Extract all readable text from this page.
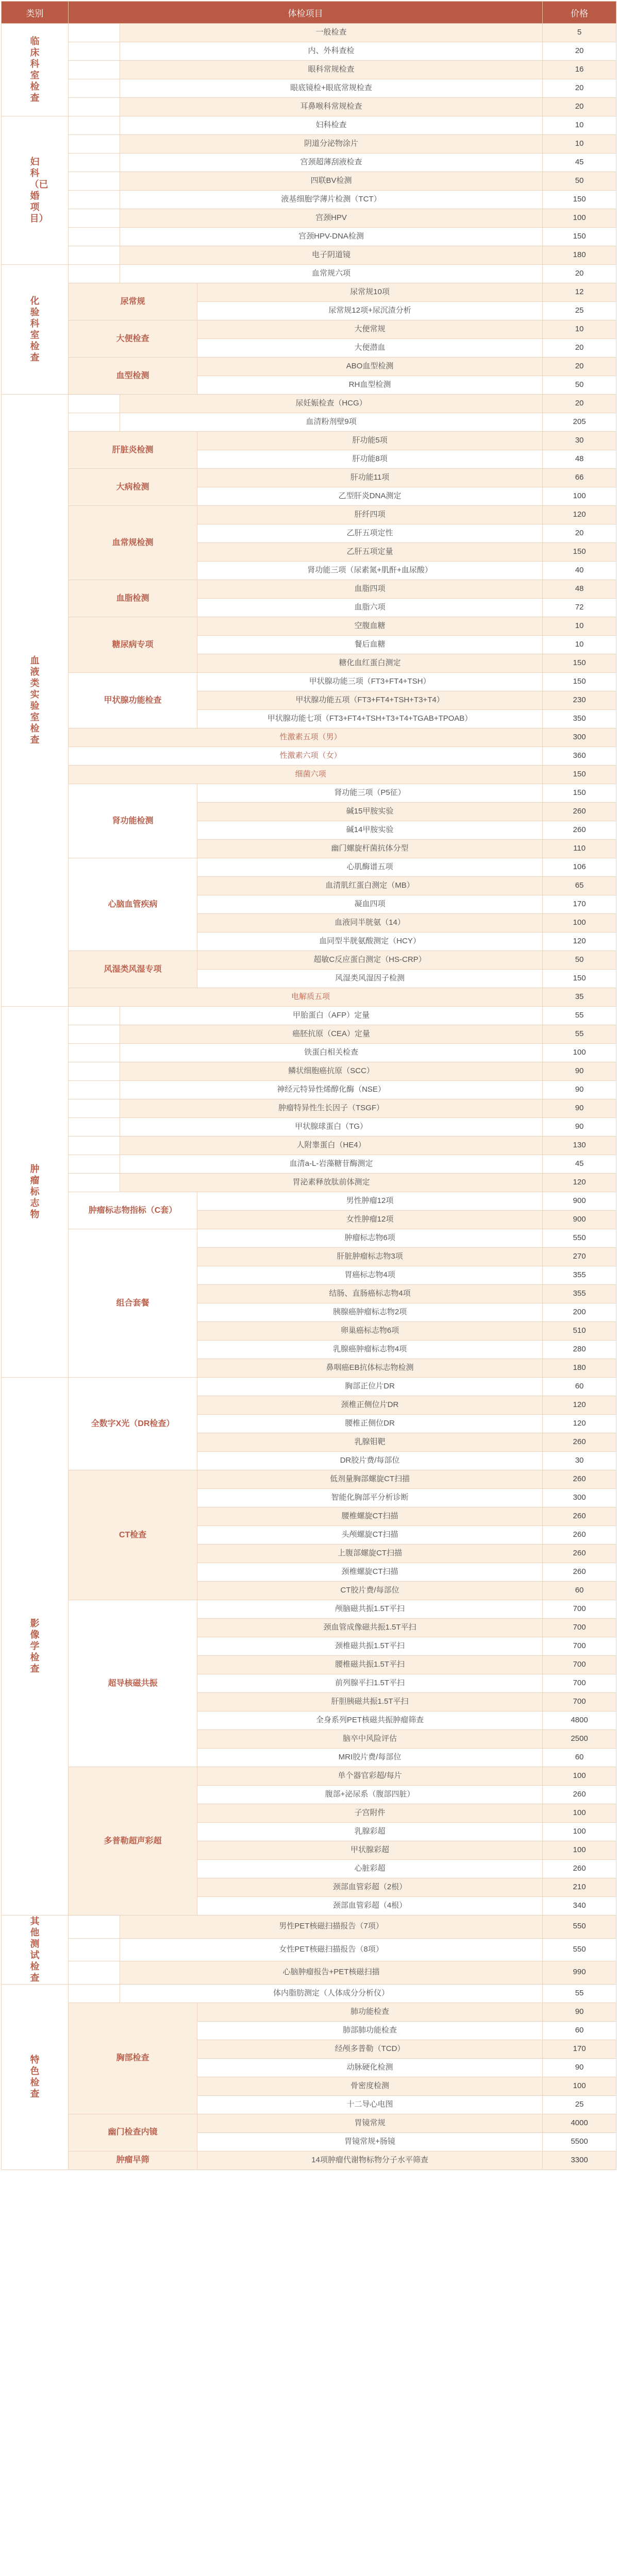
类别	体检项目			价格
临床科室检查		一般检查		5
		内、外科查检		20
		眼科常规检查		16
		眼底镜检+眼底常规检查		20
		耳鼻喉科常规检查		20
妇科（已婚项目）		妇科检查		10
		阴道分泌物涂片		10
		宫颈超薄刮液检查		45
		四联BV检测		50
		液基细胞学薄片检测（TCT）		150
		宫颈HPV		100
		宫颈HPV-DNA检测		150
		电子阴道镜		180
化验科室检查		血常规六项		20
	尿常规		尿常规10项	12
			尿常规12项+尿沉渣分析	25
	大便检查		大便常规	10
			大便潜血	20
	血型检测		ABO血型检测	20
			RH血型检测	50
血液类实验室检查		尿妊娠检查（HCG）		20
		血清粉剂壁9项		205
	肝脏炎检测		肝功能5项	30
			肝功能8项	48
	大病检测		肝功能11项	66
			乙型肝炎DNA测定	100
	血常规检测		肝纤四项	120
			乙肝五项定性	20
			乙肝五项定量	150
			肾功能三项（尿素氮+肌酐+血尿酸）	40
	血脂检测		血脂四项	48
			血脂六项	72
	糖尿病专项		空腹血糖	10
			餐后血糖	10
			糖化血红蛋白测定	150
	甲状腺功能检查		甲状腺功能三项（FT3+FT4+TSH）	150
			甲状腺功能五项（FT3+FT4+TSH+T3+T4）	230
			甲状腺功能七项（FT3+FT4+TSH+T3+T4+TGAB+TPOAB）	350
	性激素五项（男）			300
	性激素六项（女）			360
	细菌六项			150
	肾功能检测		肾功能三项（P5征）	150
			碱15甲胺实验	260
			碱14甲胺实验	260
			幽门螺旋杆菌抗体分型	110
	心脑血管疾病		心肌酶谱五项	106
			血清肌红蛋白测定（MB）	65
			凝血四项	170
			血液同半胱氨（14）	100
			血同型半胱氨酸测定（HCY）	120
	风湿类风湿专项		超敏C反应蛋白测定（HS-CRP）	50
			风湿类风湿因子检测	150
	电解质五项			35
肿瘤标志物		甲胎蛋白（AFP）定量		55
		癌胚抗原（CEA）定量		55
		铁蛋白相关检查		100
		鳞状细胞癌抗原（SCC）		90
		神经元特异性烯醇化酶（NSE）		90
		肿瘤特异性生长因子（TSGF）		90
		甲状腺球蛋白（TG）		90
		人附睾蛋白（HE4）		130
		血清a-L-岩藻糖苷酶测定		45
		胃泌素释放肽前体测定		120
	肿瘤标志物指标（C套）		男性肿瘤12项	900
			女性肿瘤12项	900
	组合套餐		肿瘤标志物6项	550
			肝脏肿瘤标志物3项	270
			胃癌标志物4项	355
			结肠、直肠癌标志物4项	355
			胰腺癌肿瘤标志物2项	200
			卵巢癌标志物6项	510
			乳腺癌肿瘤标志物4项	280
			鼻咽癌EB抗体标志物检测	180
影像学检查	全数字X光（DR检查）		胸部正位片DR	60
			颈椎正侧位片DR	120
			腰椎正侧位DR	120
			乳腺钼靶	260
			DR胶片费/每部位	30
	CT检查		低剂量胸部螺旋CT扫描	260
			智能化胸部平分析诊断	300
			腰椎螺旋CT扫描	260
			头颅螺旋CT扫描	260
			上腹部螺旋CT扫描	260
			颈椎螺旋CT扫描	260
			CT胶片费/每部位	60
	超导核磁共振		颅脑磁共振1.5T平扫	700
			颈血管成像磁共振1.5T平扫	700
			颈椎磁共振1.5T平扫	700
			腰椎磁共振1.5T平扫	700
			前列腺平扫1.5T平扫	700
			肝胆胰磁共振1.5T平扫	700
			全身系列PET核磁共振肿瘤筛查	4800
			脑卒中风险评估	2500
			MRI胶片费/每部位	60
	多普勒超声彩超		单个器官彩超/每片	100
			腹部+泌尿系（腹部四脏）	260
			子宫附件	100
			乳腺彩超	100
			甲状腺彩超	100
			心脏彩超	260
			颈部血管彩超（2根）	210
			颈部血管彩超（4根）	340
其他测试检查		男性PET核磁扫描报告（7项）		550
		女性PET核磁扫描报告（8项）		550
		心脑肿瘤报告+PET核磁扫描		990
特色检查		体内脂肪测定（人体成分分析仪）		55
	胸部检查		肺功能检查	90
			肺部肺功能检查	60
			经颅多普勒（TCD）	170
			动脉硬化检测	90
			骨密度检测	100
			十二导心电图	25
	幽门检查内镜		胃镜常规	4000
			胃镜常规+肠镜	5500
	肿瘤早筛		14项肿瘤代谢物标物分子水平筛查	3300
